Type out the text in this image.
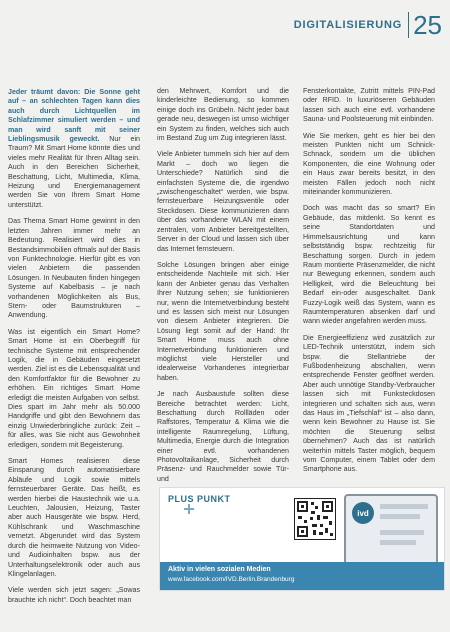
DIGITALISIERUNG 25

Jeder träumt davon: Die Sonne geht auf – an schlechten Tagen kann dies auch durch Lichtquellen im Schlafzimmer simuliert werden – und man wird sanft mit seiner Lieblingsmusik geweckt. Nur ein Traum? Mit Smart Home könnte dies und vieles mehr Realität für Ihren Alltag sein. Auch in den Bereichen Sicherheit, Beschattung, Licht, Multimedia, Klima, Heizung und Energiemanagement werden Sie von Ihrem Smart Home unterstützt.

Das Thema Smart Home gewinnt in den letzten Jahren immer mehr an Bedeutung. Realisiert wird dies in Bestandsimmobilien oftmals auf der Basis von Funktechnologie. Hierfür gibt es von vielen Anbietern die passenden Lösungen. In Neubauten finden hingegen Systeme auf Kabelbasis – je nach vorhandenen Möglichkeiten als Bus, Stern- oder Baumstrukturen – Anwendung.

Was ist eigentlich ein Smart Home? Smart Home ist ein Oberbegriff für technische Systeme mit entsprechender Logik, die in Gebäuden eingesetzt werden. Ziel ist es die Lebensqualität und den Komfortfaktor für die Bewohner zu erhöhen. Ein richtiges Smart Home erledigt die meisten Aufgaben von selbst. Dies spart im Jahr mehr als 50.000 Handgriffe und gibt den Bewohnern das einzig Unwiederbringliche zurück: Zeit – für alles, was Sie nicht aus Gewohnheit erledigen, sondern mit Begeisterung.

Smart Homes realisieren diese Einsparung durch automatisierbare Abläufe und Logik sowie mittels fernsteuerbarer Geräte. Das heißt, es werden hierbei die Haustechnik wie u.a. Leuchten, Jalousien, Heizung, Taster aber auch Hausgeräte wie bspw. Herd, Kühlschrank und Waschmaschine vernetzt. Abgerundet wird das System durch die heimweite Nutzung von Video- und Audioinhalten bspw. aus der Unterhaltungselektronik oder auch aus Klingelanlagen.

Viele werden sich jetzt sagen: „Sowas brauchte ich nicht“. Doch beachtet man

den Mehrwert, Komfort und die kinderleichte Bedienung, so kommen einige doch ins Grübeln. Nicht jeder baut gerade neu, deswegen ist umso wichtiger ein System zu finden, welches sich auch im Bestand Zug um Zug integrieren lässt.

Viele Anbieter tummeln sich hier auf dem Markt – doch wo liegen die Unterschiede? Natürlich sind die einfachsten Systeme die, die irgendwo „zwischengeschaltet“ werden, wie bspw. fernsteuerbare Heizungsventile oder Steckdosen. Diese kommunizieren dann über das vorhandene WLAN mit einem zentralen, vom Anbieter bereitgestellten, Server in der Cloud und lassen sich über das Internet fernsteuern.

Solche Lösungen bringen aber einige entscheidende Nachteile mit sich. Hier kann der Anbieter genau das Verhalten Ihrer Nutzung sehen; sie funktionieren nur, wenn die Internetverbindung besteht und es lassen sich meist nur Lösungen von diesem Anbieter integrieren. Die Lösung liegt somit auf der Hand: Ihr Smart Home muss auch ohne Internetverbindung funktionieren und möglichst viele Hersteller und idealerweise Vorhandenes integrierbar haben.

Je nach Ausbaustufe sollten diese Bereiche betrachtet werden: Licht, Beschattung durch Rollläden oder Raffstores, Temperatur & Klima wie die intelligente Raumregelung, Lüftung, Multimedia, Energie durch die Integration einer evtl. vorhandenen Photovoltaikanlage, Sicherheit durch Präsenz- und Rauchmelder sowie Tür- und

Fensterkontakte, Zutritt mittels PIN-Pad oder RFID. In luxuriöseren Gebäuden lassen sich auch eine evtl. vorhandene Sauna- und Poolsteuerung mit einbinden.

Wie Sie merken, geht es hier bei den meisten Punkten nicht um Schnick-Schnack, sondern um die üblichen Komponenten, die eine Wohnung oder ein Haus zwar bereits besitzt, in den meisten Fällen jedoch noch nicht miteinander kommunizieren.

Doch was macht das so smart? Ein Gebäude, das mitdenkt. So kennt es seine Standortdaten und Himmelsausrichtung und kann selbstständig bspw. rechtzeitig für Beschattung sorgen. Durch in jedem Raum montierte Präsenzmelder, die nicht nur Bewegung erkennen, sondern auch Helligkeit, wird die Beleuchtung bei Bedarf ein-oder ausgeschaltet. Dank Fuzzy-Logik weiß das System, wann es Raumtemperaturen absenken darf und wann wieder angefahren werden muss.

Die Energieeffizienz wird zusätzlich zur LED-Technik unterstützt, indem sich bspw. die Stellantriebe der Fußbodenheizung abschalten, wenn entsprechende Fenster geöffnet werden. Aber auch unnötige Standby-Verbraucher lassen sich mit Funksteckdosen integrieren und schalten sich aus, wenn das Haus im „Tiefschlaf“ ist – also dann, wenn kein Bewohner zu Hause ist. Sie möchten die Steuerung selbst übernehmen? Auch das ist natürlich weiterhin mittels Taster möglich, bequem vom Computer, einem Tablet oder dem Smartphone aus.

PLUS PUNKT
ivd
Aktiv in vielen sozialen Medien
www.facebook.com/IVD.Berlin.Brandenburg
